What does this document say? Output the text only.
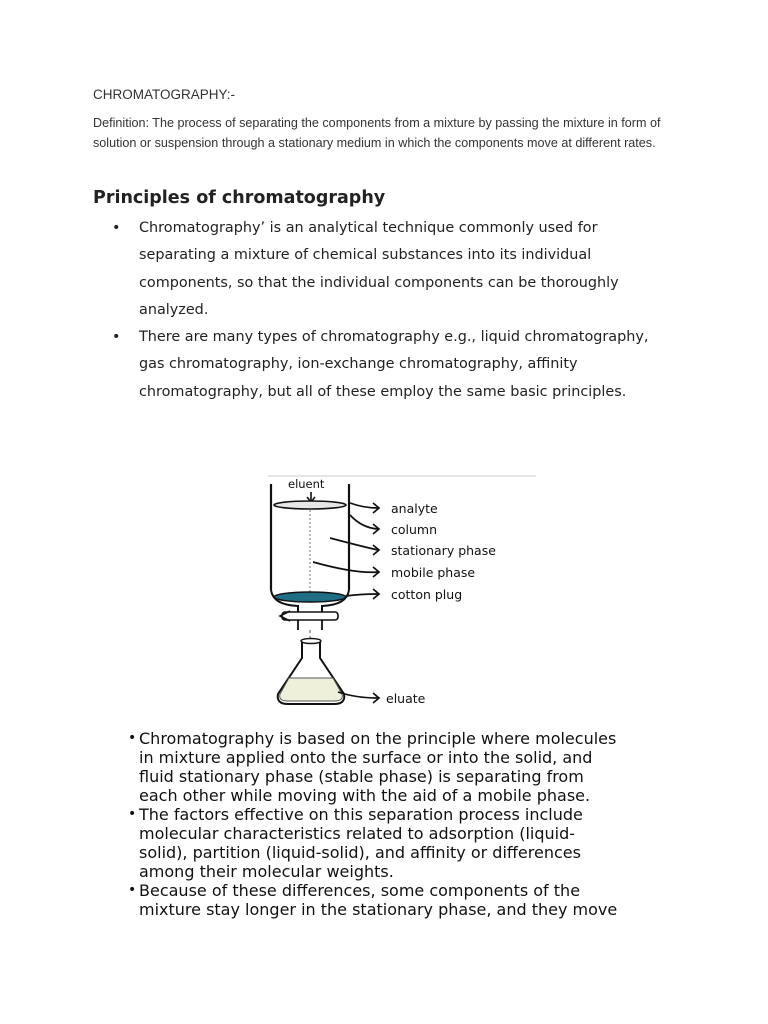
CHROMATOGRAPHY:-
Definition: The process of separating the components from a mixture by passing the mixture in form of solution or suspension through a stationary medium in which the components move at different rates.
Principles of chromatography
• Chromatography’ is an analytical technique commonly used for separating a mixture of chemical substances into its individual components, so that the individual components can be thoroughly analyzed.
• There are many types of chromatography e.g., liquid chromatography, gas chromatography, ion-exchange chromatography, affinity chromatography, but all of these employ the same basic principles.
eluent
analyte
column
stationary phase
mobile phase
cotton plug
eluate
• Chromatography is based on the principle where molecules
in mixture applied onto the surface or into the solid, and
fluid stationary phase (stable phase) is separating from
each other while moving with the aid of a mobile phase.
• The factors effective on this separation process include
molecular characteristics related to adsorption (liquid-
solid), partition (liquid-solid), and affinity or differences
among their molecular weights.
• Because of these differences, some components of the
mixture stay longer in the stationary phase, and they move
